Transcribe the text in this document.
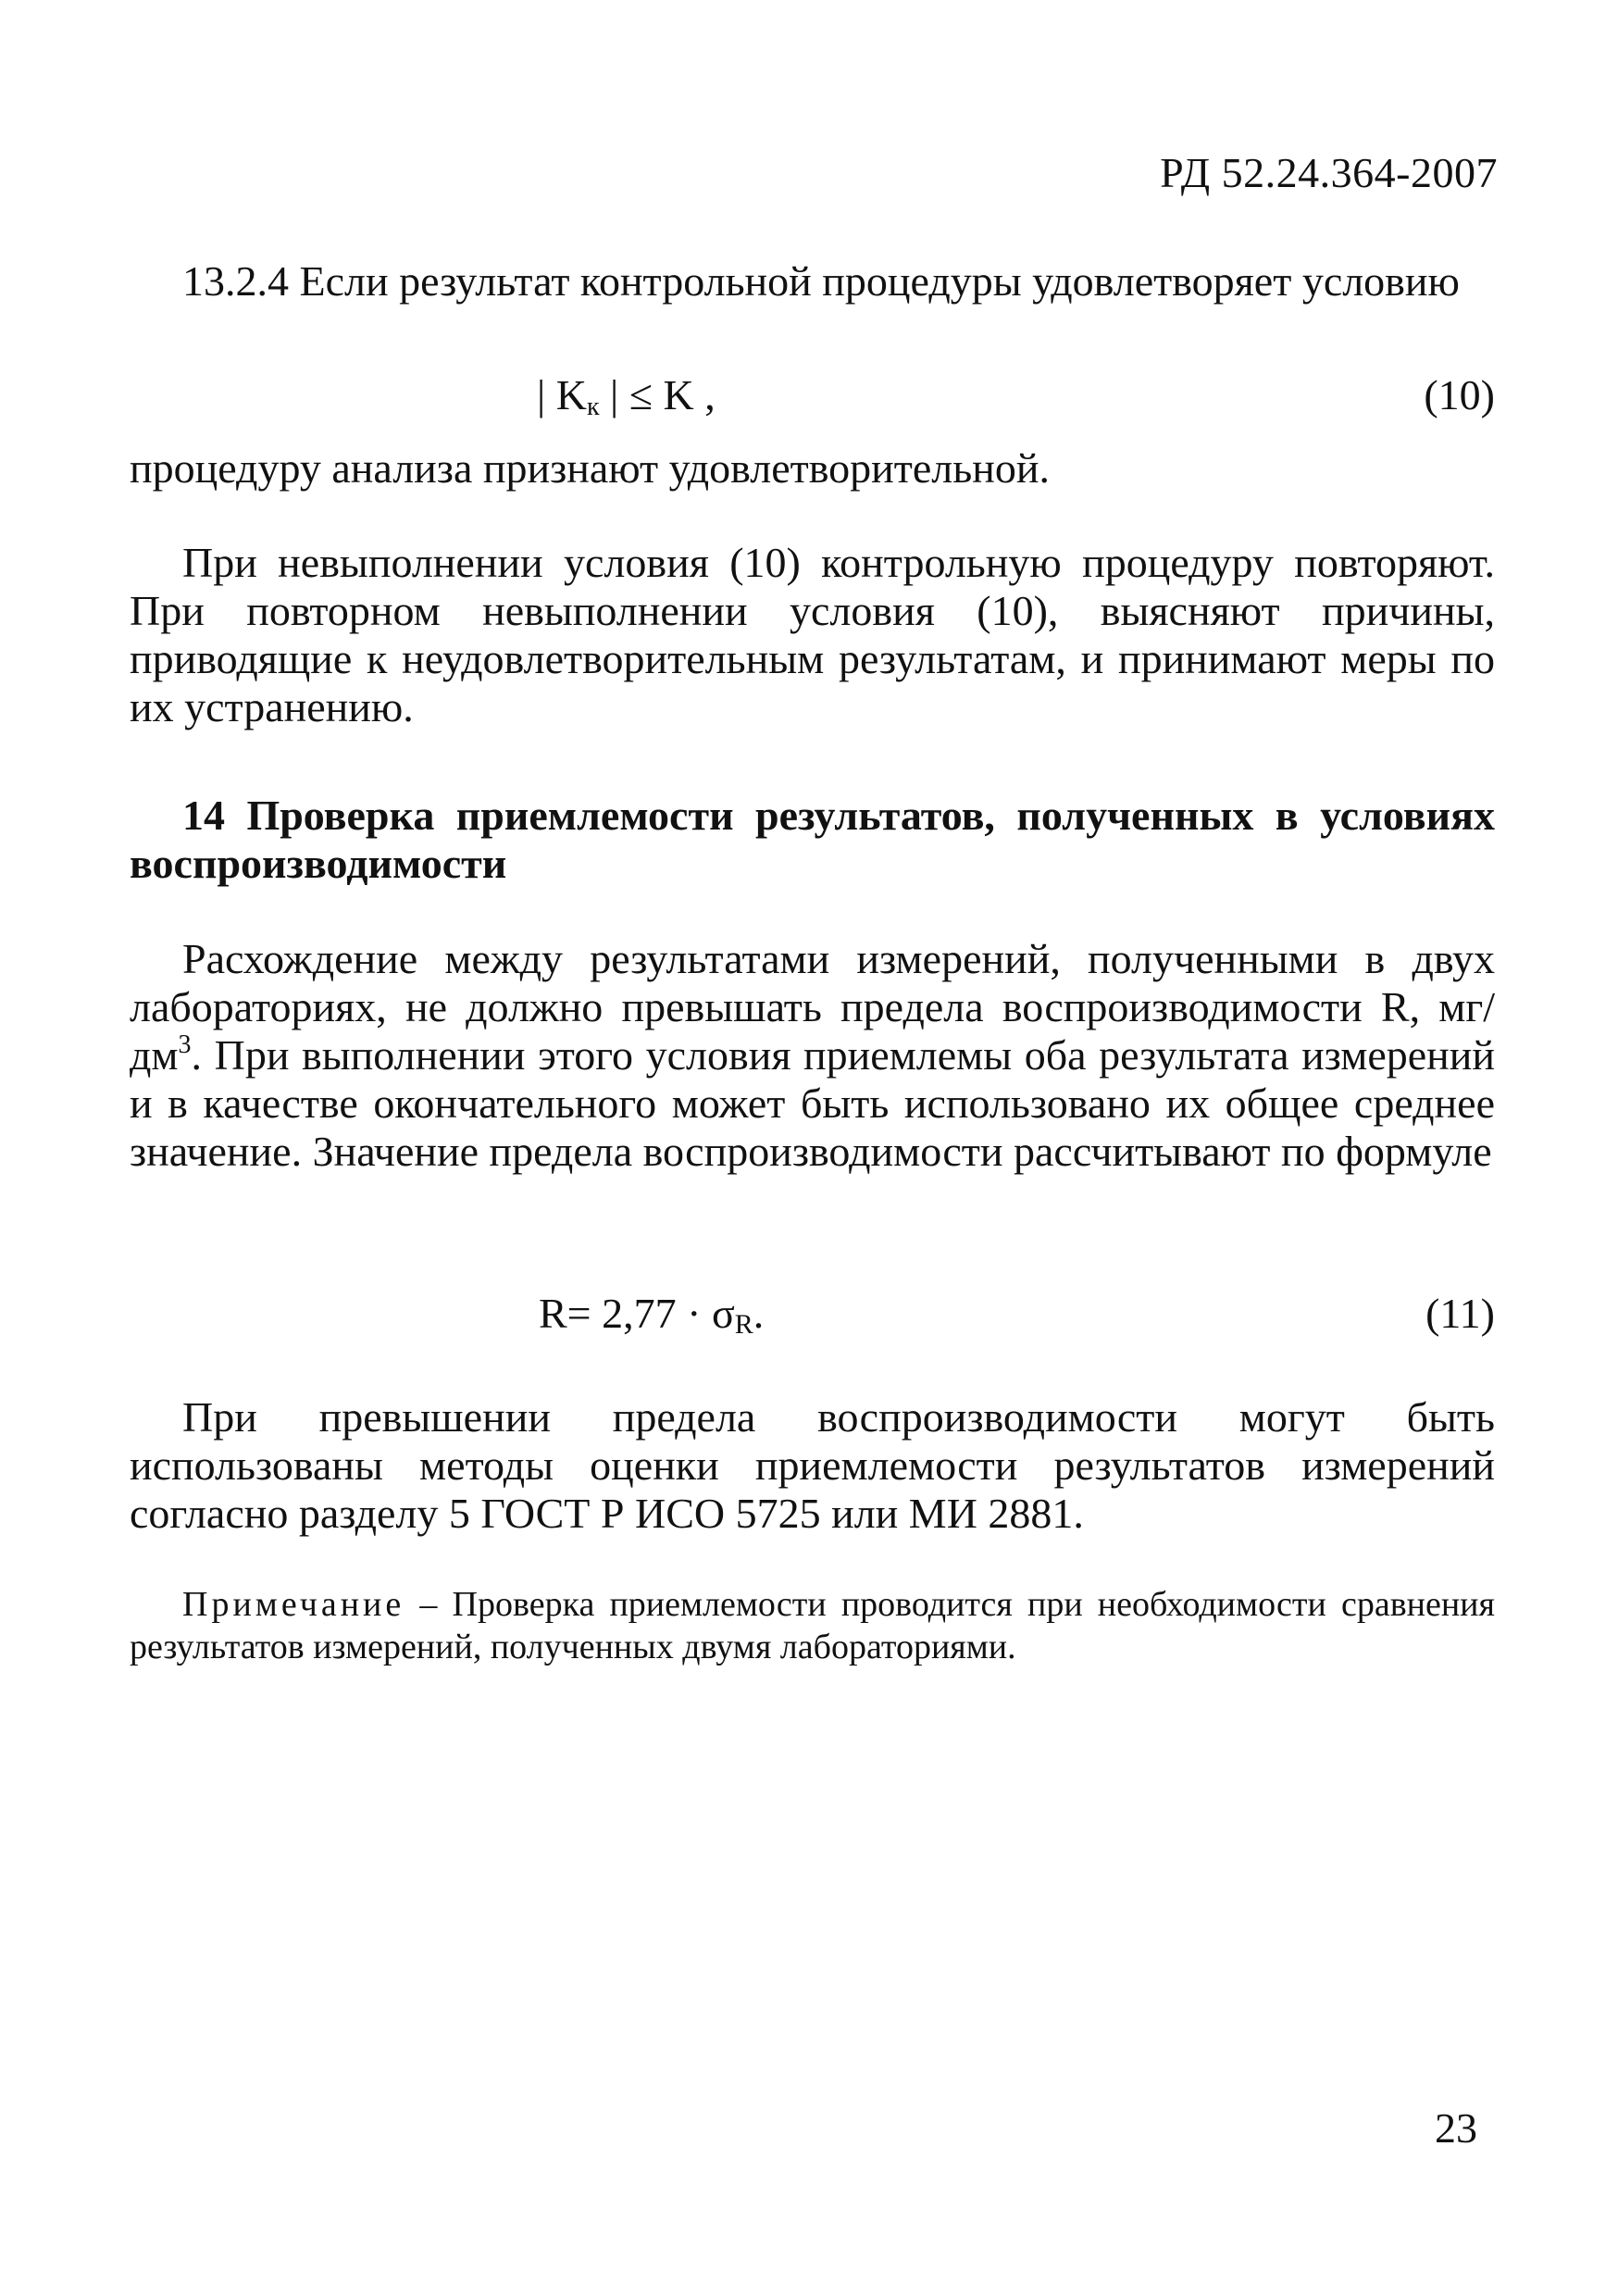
РД 52.24.364-2007
13.2.4 Если результат контрольной процедуры удовлетворяет условию
| $K_к$ | ≤ K ,	(10)
процедуру анализа признают удовлетворительной.
При невыполнении условия (10) контрольную процедуру повторяют. При повторном невыполнении условия (10), выясняют причины, приводящие к неудовлетворительным результатам, и принимают меры по их устранению.
14 Проверка приемлемости результатов, полученных в условиях воспроизводимости
Расхождение между результатами измерений, полученными в двух лабораториях, не должно превышать предела воспроизводимости R, $мг/дм^3$. При выполнении этого условия приемлемы оба результата измерений и в качестве окончательного может быть использовано их общее среднее значение. Значение предела воспроизводимости рассчитывают по формуле
$R= 2,77 \cdot \sigma_R$.	(11)
При превышении предела воспроизводимости могут быть использованы методы оценки приемлемости результатов измерений согласно разделу 5 ГОСТ Р ИСО 5725 или МИ 2881.
Примечание – Проверка приемлемости проводится при необходимости сравнения результатов измерений, полученных двумя лабораториями.
23
